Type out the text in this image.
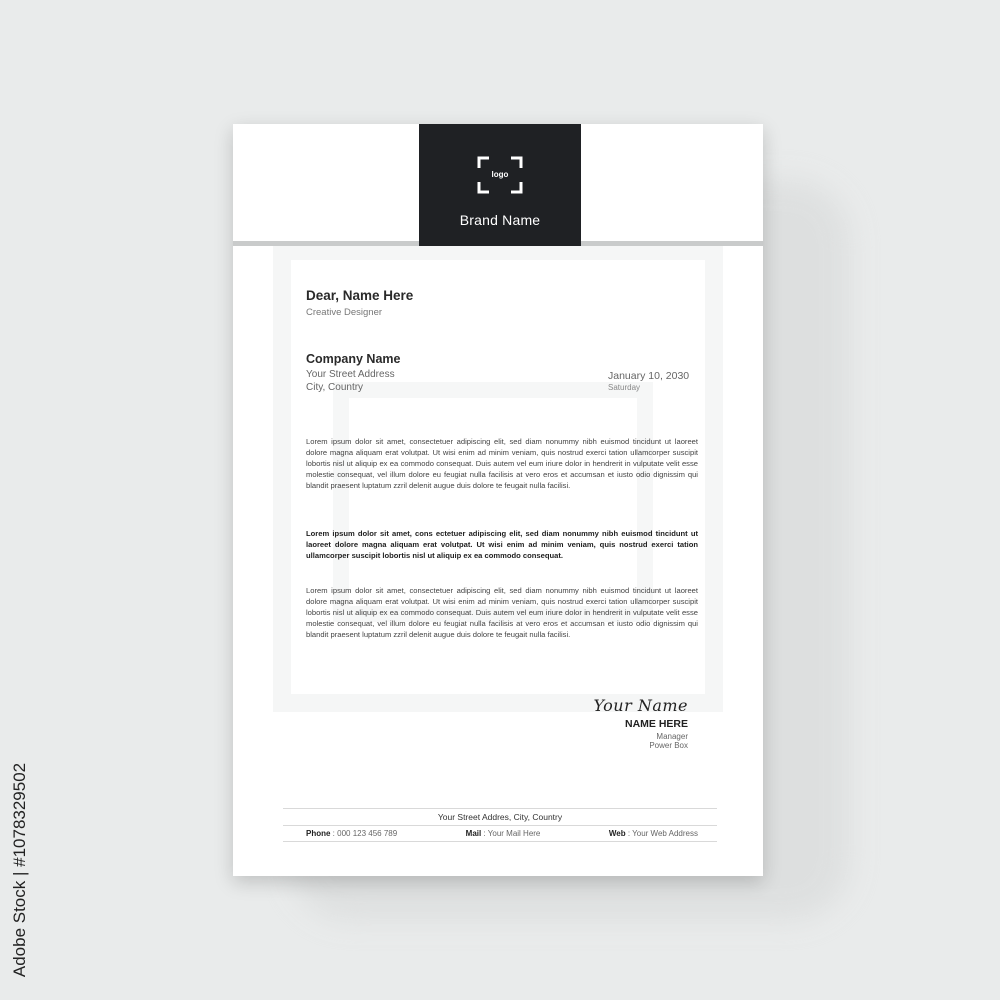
logo
Brand Name
Dear, Name Here
Creative Designer
Company Name
Your Street Address
City, Country
January 10, 2030
Saturday
Lorem ipsum dolor sit amet, consectetuer adipiscing elit, sed diam nonummy nibh euismod tincidunt ut laoreet dolore magna aliquam erat volutpat. Ut wisi enim ad minim veniam, quis nostrud exerci tation ullamcorper suscipit lobortis nisl ut aliquip ex ea commodo consequat. Duis autem vel eum iriure dolor in hendrerit in vulputate velit esse molestie consequat, vel illum dolore eu feugiat nulla facilisis at vero eros et accumsan et iusto odio dignissim qui blandit praesent luptatum zzril delenit augue duis dolore te feugait nulla facilisi.
Lorem ipsum dolor sit amet, cons ectetuer adipiscing elit, sed diam nonummy nibh euismod tincidunt ut laoreet dolore magna aliquam erat volutpat. Ut wisi enim ad minim veniam, quis nostrud exerci tation ullamcorper suscipit lobortis nisl ut aliquip ex ea commodo consequat.
Lorem ipsum dolor sit amet, consectetuer adipiscing elit, sed diam nonummy nibh euismod tincidunt ut laoreet dolore magna aliquam erat volutpat. Ut wisi enim ad minim veniam, quis nostrud exerci tation ullamcorper suscipit lobortis nisl ut aliquip ex ea commodo consequat. Duis autem vel eum iriure dolor in hendrerit in vulputate velit esse molestie consequat, vel illum dolore eu feugiat nulla facilisis at vero eros et accumsan et iusto odio dignissim qui blandit praesent luptatum zzril delenit augue duis dolore te feugait nulla facilisi.
Your Name
NAME HERE
Manager
Power Box
Your Street Addres, City, Country
Phone : 000 123 456 789	Mail : Your Mail Here	Web : Your Web Address
Adobe Stock | #1078329502
